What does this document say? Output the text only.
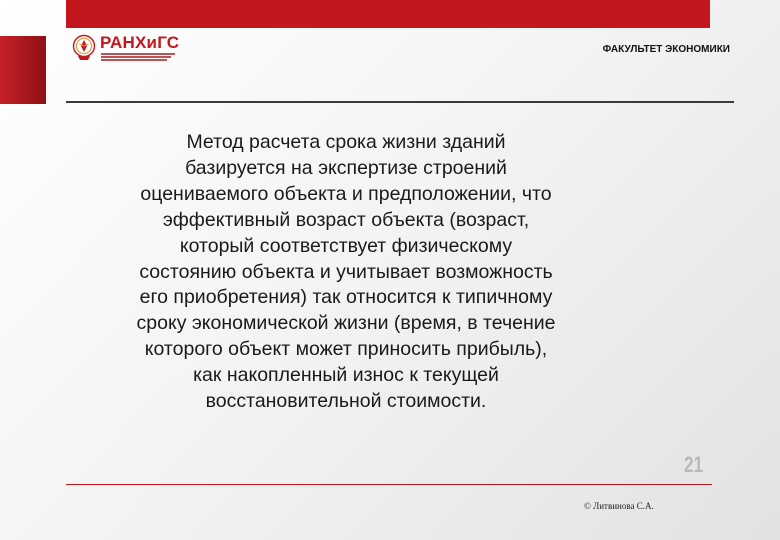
РАНХиГС	ФАКУЛЬТЕТ ЭКОНОМИКИ
Метод расчета срока жизни зданий
базируется на экспертизе строений
оцениваемого объекта и предположении, что
эффективный возраст объекта (возраст,
который соответствует физическому
состоянию объекта и учитывает возможность
его приобретения) так относится к типичному
сроку экономической жизни (время, в течение
которого объект может приносить прибыль),
как накопленный износ к текущей
восстановительной стоимости.
21
© Литвинова С.А.
